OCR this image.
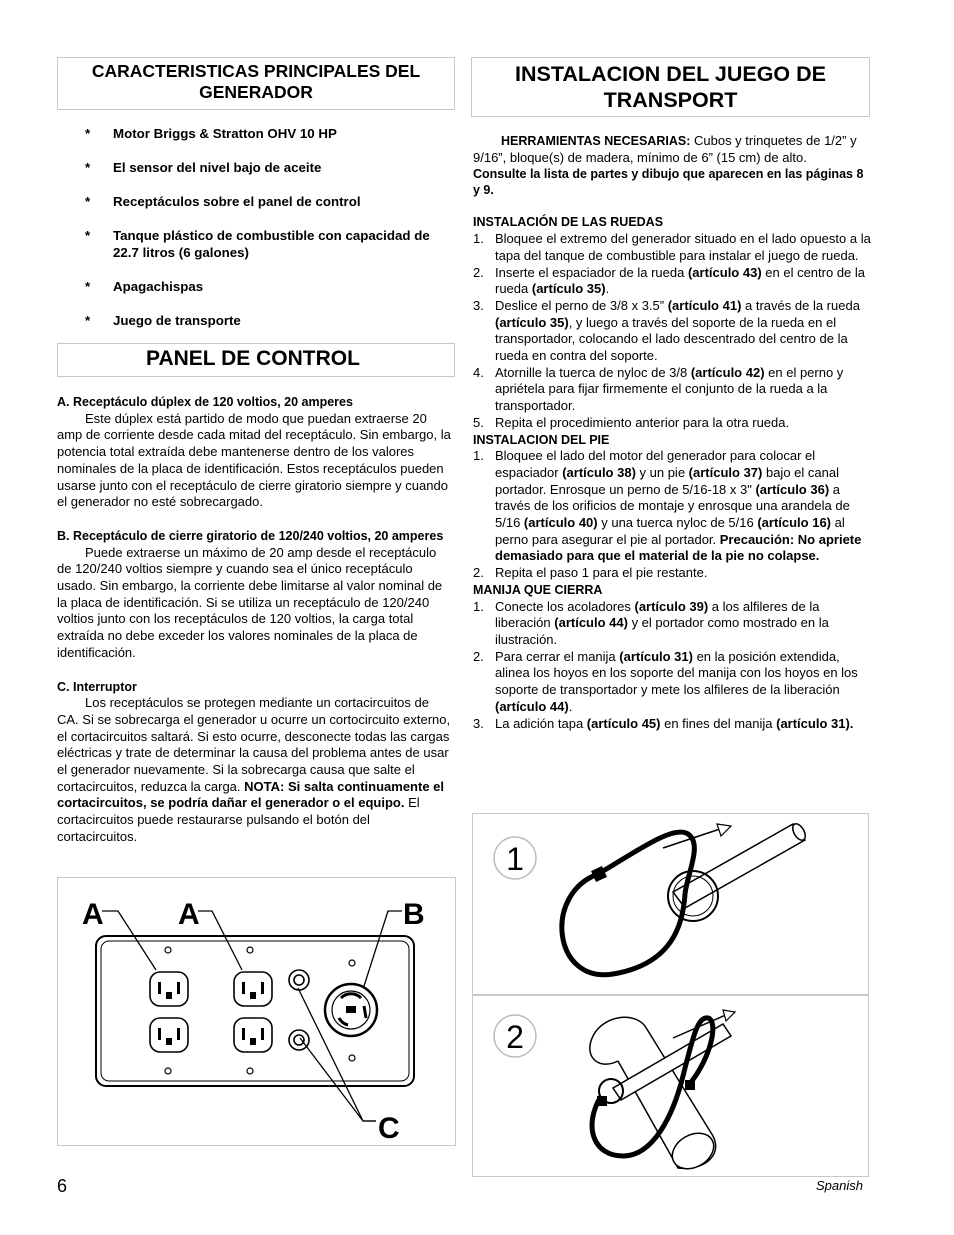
CARACTERISTICAS PRINCIPALES DEL GENERADOR
* Motor Briggs & Stratton OHV 10 HP
* El sensor del nivel bajo de aceite
* Receptáculos sobre el panel de control
* Tanque plástico de combustible con capacidad de 22.7 litros (6 galones)
* Apagachispas
* Juego de transporte
PANEL DE CONTROL
A. Receptáculo dúplex de 120 voltios, 20 amperes
Este dúplex está partido de modo que puedan extraerse 20 amp de corriente desde cada mitad del receptáculo. Sin embargo, la potencia total extraída debe mantenerse dentro de los valores nominales de la placa de identificación. Estos receptáculos pueden usarse junto con el receptáculo de cierre giratorio siempre y cuando el generador no esté sobrecargado.
B. Receptáculo de cierre giratorio de 120/240 voltios, 20 amperes
Puede extraerse un máximo de 20 amp desde el receptáculo de 120/240 voltios siempre y cuando sea el único receptáculo usado. Sin embargo, la corriente debe limitarse al valor nominal de la placa de identificación. Si se utiliza un receptáculo de 120/240 voltios junto con los receptáculos de 120 voltios, la carga total extraída no debe exceder los valores nominales de la placa de identificación.
C. Interruptor
Los receptáculos se protegen mediante un cortacircuitos de CA. Si se sobrecarga el generador u ocurre un cortocircuito externo, el cortacircuitos saltará. Si esto ocurre, desconecte todas las cargas eléctricas y trate de determinar la causa del problema antes de usar el generador nuevamente. Si la sobrecarga causa que salte el cortacircuitos, reduzca la carga. NOTA: Si salta continuamente el cortacircuitos, se podría dañar el generador o el equipo. El cortacircuitos puede restaurarse pulsando el botón del cortacircuitos.
A A	B
C
INSTALACION DEL JUEGO DE TRANSPORT
HERRAMIENTAS NECESARIAS: Cubos y trinquetes de 1/2” y 9/16”, bloque(s) de madera, mínimo de 6” (15 cm) de alto.
Consulte la lista de partes y dibujo que aparecen en las páginas 8 y 9.
INSTALACIÓN DE LAS RUEDAS
1. Bloquee el extremo del generador situado en el lado opuesto a la tapa del tanque de combustible para instalar el juego de rueda.
2. Inserte el espaciador de la rueda (artículo 43) en el centro de la rueda (artículo 35).
3. Deslice el perno de 3/8 x 3.5” (artículo 41) a través de la rueda (artículo 35), y luego a través del soporte de la rueda en el transportador, colocando el lado descentrado del centro de la rueda en contra del soporte.
4. Atornille la tuerca de nyloc de 3/8 (artículo 42) en el perno y apriétela para fijar firmemente el conjunto de la rueda a la transportador.
5. Repita el procedimiento anterior para la otra rueda.
INSTALACION DEL PIE
1. Bloquee el lado del motor del generador para colocar el espaciador (artículo 38) y un pie (artículo 37) bajo el canal portador. Enrosque un perno de 5/16-18 x 3" (artículo 36) a través de los orificios de montaje y enrosque una arandela de 5/16 (artículo 40) y una tuerca nyloc de 5/16 (artículo 16) al perno para asegurar el pie al portador. Precaución: No apriete demasiado para que el material de la pie no colapse.
2. Repita el paso 1 para el pie restante.
MANIJA QUE CIERRA
1. Conecte los acoladores (artículo 39) a los alfileres de la liberación (artículo 44) y el portador como mostrado en la ilustración.
2. Para cerrar el manija (artículo 31) en la posición extendida, alinea los hoyos en los soporte del manija con los hoyos en los soporte de transportador y mete los alfileres de la liberación (artículo 44).
3. La adición tapa (artículo 45) en fines del manija (artículo 31).
1
2
6	Spanish
